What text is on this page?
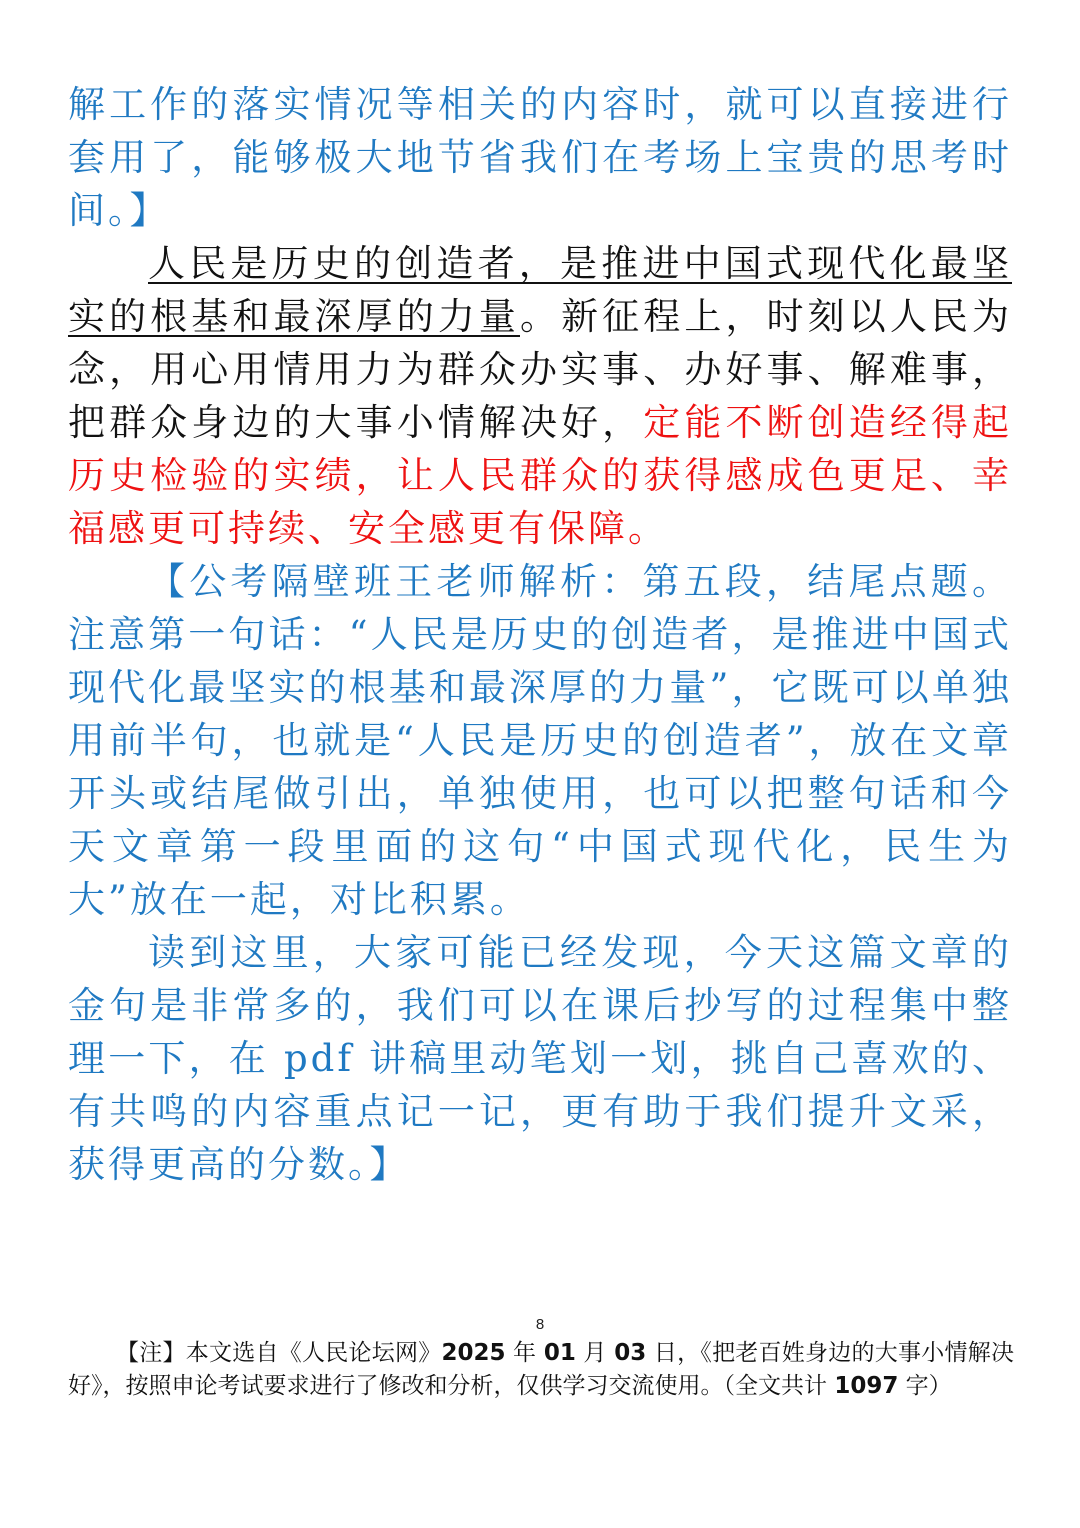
解工作的落实情况等相关的内容时，就可以直接进行套用了，能够极大地节省我们在考场上宝贵的思考时间。】

人民是历史的创造者，是推进中国式现代化最坚实的根基和最深厚的力量。新征程上，时刻以人民为念，用心用情用力为群众办实事、办好事、解难事，把群众身边的大事小情解决好，定能不断创造经得起历史检验的实绩，让人民群众的获得感成色更足、幸福感更可持续、安全感更有保障。

【公考隔壁班王老师解析：第五段，结尾点题。注意第一句话：“人民是历史的创造者，是推进中国式现代化最坚实的根基和最深厚的力量”，它既可以单独用前半句，也就是“人民是历史的创造者”，放在文章开头或结尾做引出，单独使用，也可以把整句话和今天文章第一段里面的这句“中国式现代化，民生为大”放在一起，对比积累。

读到这里，大家可能已经发现，今天这篇文章的金句是非常多的，我们可以在课后抄写的过程集中整理一下，在 pdf 讲稿里动笔划一划，挑自己喜欢的、有共鸣的内容重点记一记，更有助于我们提升文采，获得更高的分数。】

8
【注】本文选自《人民论坛网》2025 年 01 月 03 日，《把老百姓身边的大事小情解决好》，按照申论考试要求进行了修改和分析，仅供学习交流使用。（全文共计 1097 字）
